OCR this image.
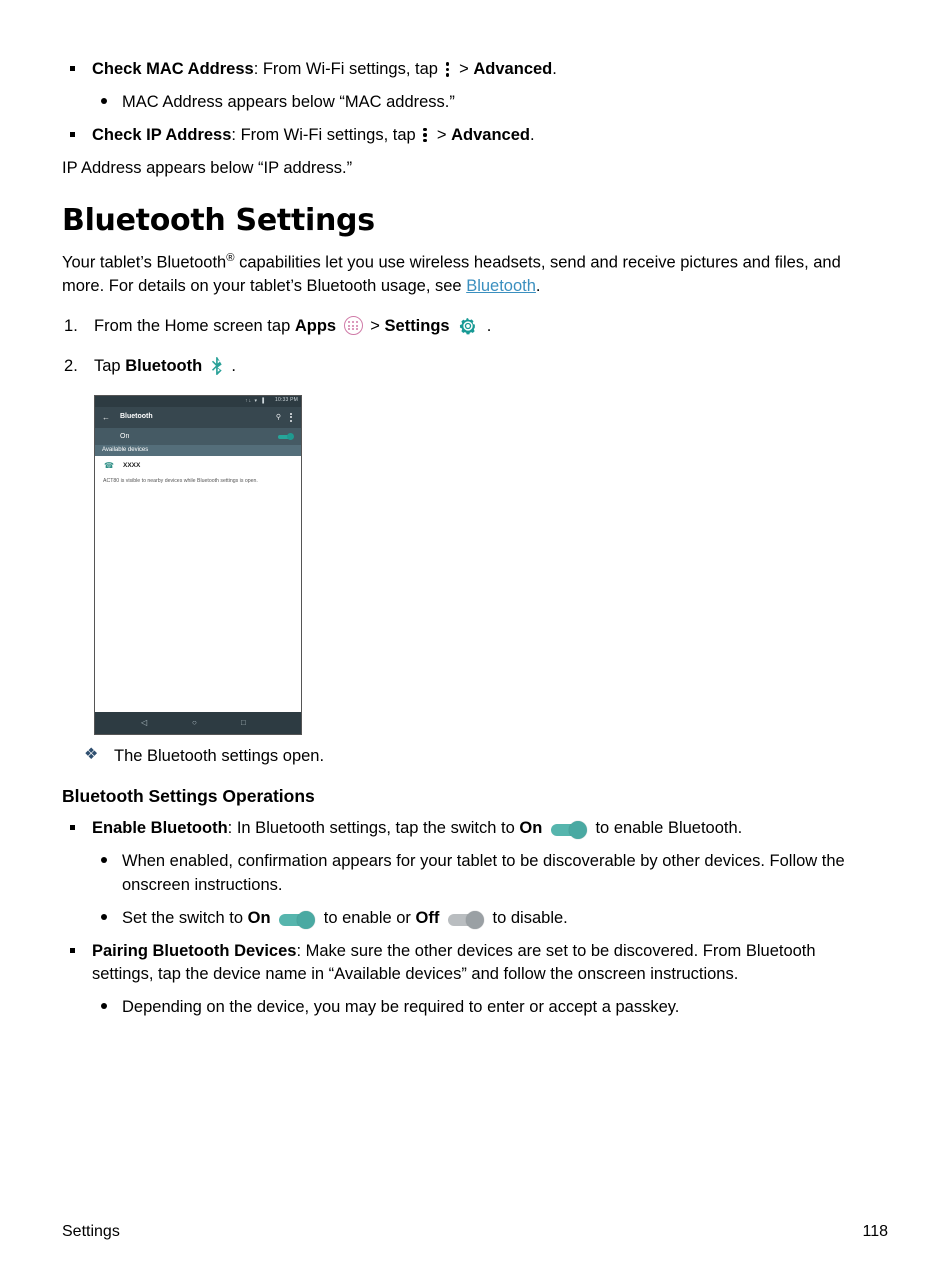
Check MAC Address: From Wi-Fi settings, tap > Advanced.
MAC Address appears below “MAC address.”
Check IP Address: From Wi-Fi settings, tap > Advanced.

IP Address appears below “IP address.”

Bluetooth Settings

Your tablet’s Bluetooth® capabilities let you use wireless headsets, send and receive pictures and files, and more. For details on your tablet’s Bluetooth usage, see Bluetooth.

From the Home screen tap Apps > Settings .
Tap Bluetooth .
↑↓ ▾ ▐ 10:33 PM
← Bluetooth	⚲
On
Available devices
☎ XXXX
ACT80 is visible to nearby devices while Bluetooth settings is open.
◁	○	□
❖ The Bluetooth settings open.
Bluetooth Settings Operations
Enable Bluetooth: In Bluetooth settings, tap the switch to On	to enable Bluetooth.
When enabled, confirmation appears for your tablet to be discoverable by other devices. Follow the onscreen instructions.
Set the switch to On	to enable or Off	to disable.
Pairing Bluetooth Devices: Make sure the other devices are set to be discovered. From Bluetooth settings, tap the device name in “Available devices” and follow the onscreen instructions.
Depending on the device, you may be required to enter or accept a passkey.
Settings	118
